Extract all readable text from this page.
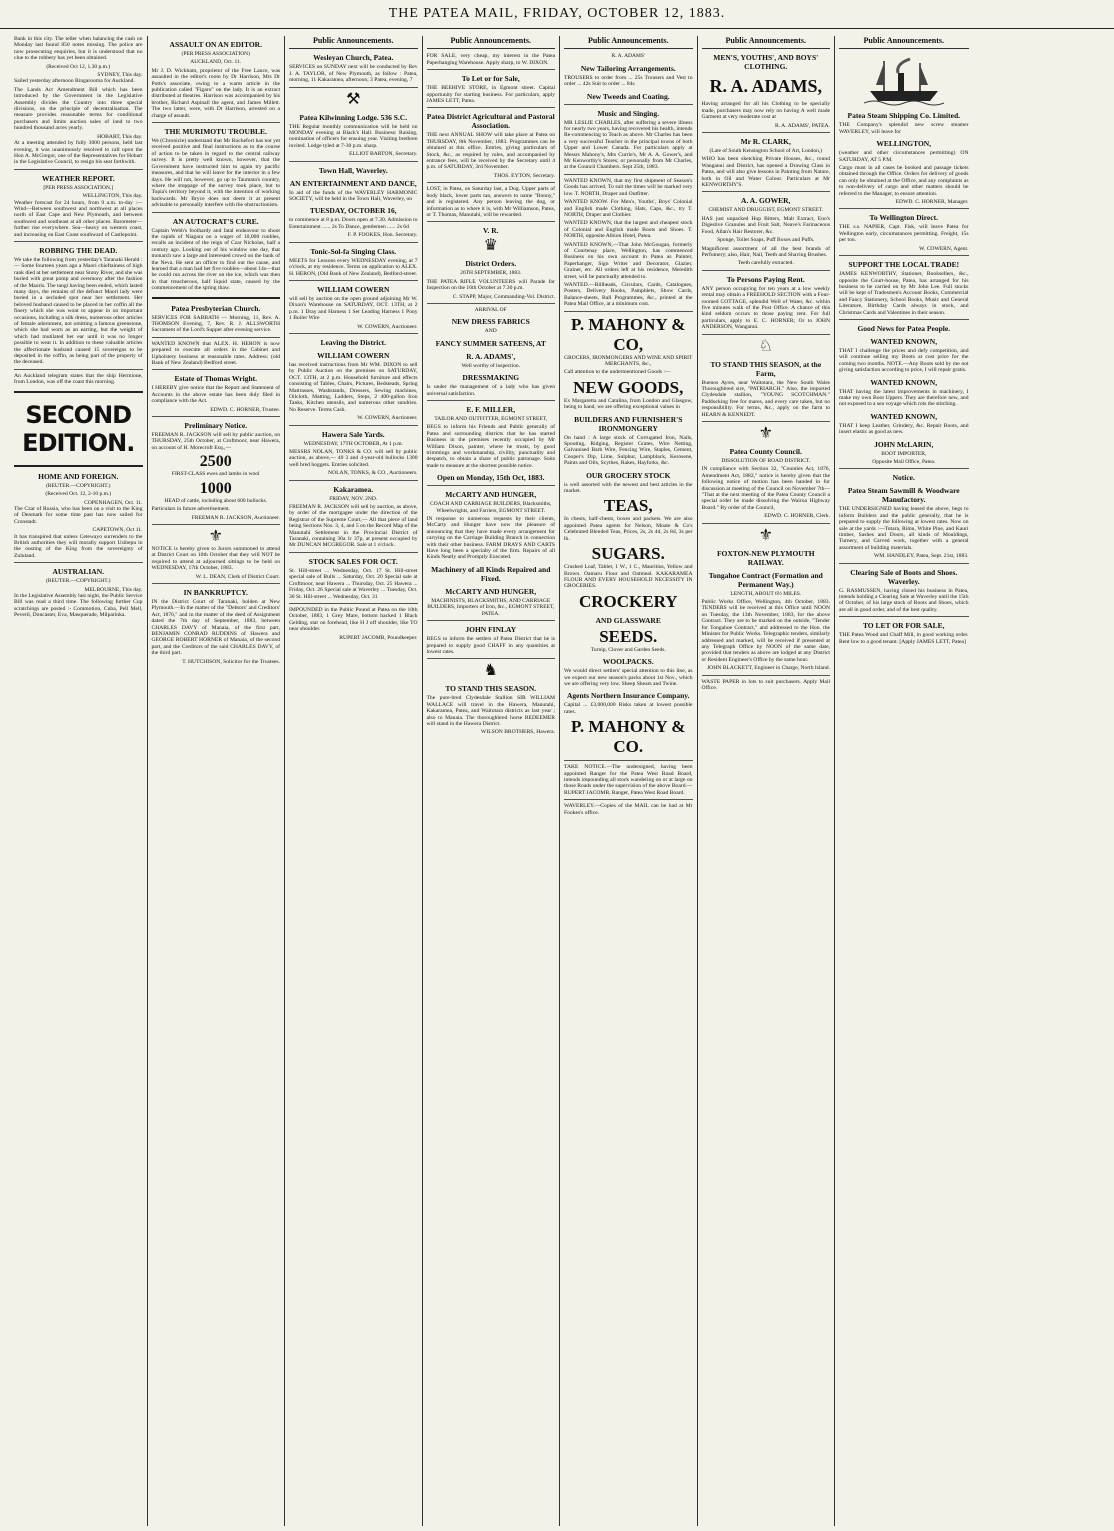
THE PATEA MAIL, FRIDAY, OCTOBER 12, 1883.
Bank in this city. The teller when balancing the cash on Monday last found 850 notes missing. The police are now prosecuting enquiries, but it is understood that no clue to the robbery has yet been obtained.
(Received Oct 12, 1.30 p.m.)
SYDNEY, This day.
Sailed yesterday afternoon Ringarooma for Auckland.
The Lands Act Amendment Bill which has been introduced by the Government in the Legislative Assembly divides the Country into three special divisions, on the principle of decentralisation. The measure provides reasonable terms for conditional purchasers and limits auction sales of land to two hundred thousand acres yearly.
HOBART, This day.
At a meeting attended by fully 3000 persons, held last evening, it was unanimously resolved to call upon the Hon A. McGregor, one of the Representatives for Hobart in the Legislative Council, to resign his seat forthwith.
WEATHER REPORT.
[PER PRESS ASSOCIATION.]
WELLINGTON, This day.
Weather forecast for 24 hours, from 9 a.m. to-day :— Wind—Between southwest and northwest at all places north of East Cape and New Plymouth, and between southwest and southeast at all other places. Barometer—further rise everywhere. Sea—heavy on western coast, and increasing on East Coast southward of Castlepoint.
ROBBING THE DEAD.
We take the following from yesterday's Taranaki Herald :— Some fourteen years ago a Maori chieftainess of high rank died at her settlement near Stony River, and she was buried with great pomp and ceremony after the fashion of the Maoris. The tangi having been ended, which lasted many days, the remains of the defunct Maori lady were buried in a secluded spot near her settlement. Her beloved husband caused to be placed in her coffin all the finery which she was wont to appear in on important occasions, including a silk dress, numerous other articles of female adornment, not omitting a famous greenstone, which she had worn as an earring, but the weight of which had mutilated her ear until it was no longer possible to wear it. In addition to these valuable articles the affectionate husband caused 15 sovereigns to be deposited in the coffin, as being part of the property of the deceased.
An Auckland telegram states that the ship Hermione, from London, was off the coast this morning.
SECOND EDITION.
HOME AND FOREIGN.
(REUTER.—COPYRIGHT.)
(Received Oct. 12, 2-10 p.m.)
COPENHAGEN, Oct. 11.
The Czar of Russia, who has been on a visit to the King of Denmark for some time past has now sailed for Cronstadt.
CAPETOWN, Oct 11.
It has transpired that unless Cetewayo surrenders to the British authorities they will morally support Usibepu in the ousting of the King from the sovereignty of Zululand.
AUSTRALIAN.
(REUTER.—COPYRIGHT.)
MELBOURNE, This day.
In the Legislative Assembly last night, the Public Service Bill was read a third time. The following further Cup scratchings are posted :- Commotion, Cuba, Pell Mell, Peveril, Doncaster, Eva, Masquerade, Milparinka.
ASSAULT ON AN EDITOR.
(PER PRESS ASSOCIATION)
AUCKLAND, Oct. 11.
Mr J. D. Wickham, proprietor of the Free Lance, was assaulted in the editor's room by Dr Harrison, Mrs Dr Potts's associate, owing to a warm article in the publication called "Figaro" on the lady. It is an extract distributed at theatres. Harrison was accompanied by his brother, Richard Aspinall the agent, and James Millett. The two latter, were, with Dr Harrison, arrested on a charge of assault.
THE MURIMOTU TROUBLE.
We (Chronicle) understand that Mr Rochefort has not yet received positive and final instructions as to the course of action to be taken in regard to the central railway survey. It is pretty well known, however, that the Government have instructed him to again try pacific measures, and that he will leave for the interior in a few days. He will not, however, go up to Taumata's country, where the stoppage of the survey took place, but to Topia's territory beyond it, with the intention of working backwards. Mr Bryce does not deem it at present advisable to personally interfere with the obstructionists.
AN AUTOCRAT'S CURE.
Captain Webb's foolhardy and fatal endeavour to shoot the rapids of Niagara on a wager of 10,000 roubles, recalls an incident of the reign of Czar Nicholas, half a century ago. Looking out of his window one day, that monarch saw a large and interested crowd on the bank of the Neva. He sent an officer to find out the cause, and learned that a man had bet five roubles—about 14s—that he could run across the river on the ice, which was then in that treacherous, half liquid state, caused by the commencement of the spring thaw.
Patea Presbyterian Church.
SERVICES FOR SABBATH — Morning, 11, Rev. A. THOMSON Evening, 7, Rev. R. J. ALLSWORTH Sacrament of the Lord's Supper after evening service.
WANTED KNOWN that ALEX. H. HERON is now prepared to execute all orders in the Cabinet and Upholstery business at reasonable rates. Address: (old Bank of New Zealand) Bedford street.
Estate of Thomas Wright.
I HEREBY give notice that the Report and Statement of Accounts in the above estate has been duly filed in compliance with the Act.
EDWD. C. HORNER, Trustee.
Preliminary Notice.
FREEMAN R. JACKSON will sell by public auction, on THURSDAY, 25th October, at Croftmoor, near Hawera, on account of H. Morecroft Esq.,—
2500
FIRST-CLASS ewes and lambs in wool
1000
HEAD of cattle, including about 600 bullocks.
Particulars in future advertisement.
FREEMAN R. JACKSON, Auctioneer.
⚜
NOTICE is hereby given to Jurors summoned to attend at District Court on 10th October that they will NOT be required to attend at adjourned sittings to be held on WEDNESDAY, 17th October, 1883.
W. L. DEAN, Clerk of District Court.
IN BANKRUPTCY.
IN the District Court of Taranaki, holden at New Plymouth.—In the matter of the "Debtors' and Creditors' Act, 1876," and in the matter of the deed of Assignment dated the 7th day of September, 1883, between CHARLES DAVY of Manaia, of the first part, BENJAMIN CONRAD RUDDINS of Hawera and GEORGE ROBERT HORNER of Manaia, of the second part, and the Creditors of the said CHARLES DAVY, of the third part.
T. HUTCHISON, Solicitor for the Trustees.
Public Announcements.
Wesleyan Church, Patea.
SERVICES on SUNDAY next will be conducted by Rev J. A. TAYLOR, of New Plymouth, as follow : Patea, morning, 11 Kakaramea, afternoon, 3 Patea, evening, 7
⚒
Patea Kilwinning Lodge. 536 S.C.
THE Regular monthly communication will be held on MONDAY evening at Black's Hall. Business: Raising, nomination of officers for ensuing year. Visiting brethren invited. Lodge tyled at 7-30 p.m. sharp.
ELLIOT BARTON, Secretary.
Town Hall, Waverley.
AN ENTERTAINMENT AND DANCE,
In aid of the funds of the WAVERLEY HARMONIC SOCIETY, will be held in the Town Hall, Waverley, on
TUESDAY, OCTOBER 16,
to commence at 8 p.m. Doors open at 7.30. Admission to Entertainment ...... 2s To Dance, gentlemen ...... 2s 6d
F. P. FOOKES, Hon. Secretary.
Tonic-Sol-fa Singing Class.
MEETS for Lessons every WEDNESDAY evening, at 7 o'clock, at my residence. Terms on application to ALEX. H. HERON, (Old Bank of New Zealand), Bedford-street.
WILLIAM COWERN
will sell by auction on the open ground adjoining Mr W. Dixon's Warehouse on SATURDAY, OCT. 13TH, at 2 p.m. 1 Dray and Harness 1 Set Leading Harness 1 Pony 1 Boiler Wire
W. COWERN, Auctioneer.
Leaving the District.
WILLIAM COWERN
has received instructions from Mr WM. DIXON to sell by Public Auction on the premises on SATURDAY, OCT. 13TH, at 2 p.m. Household furniture and effects consisting of Tables, Chairs, Pictures, Bedsteads, Spring Mattrasses, Washstands, Dressers, Sewing machines, Oilcloth, Matting, Ladders, Steps, 2 400-gallon Iron Tanks, Kitchen utensils, and numerous other sundries. No Reserve. Terms Cash.
W. COWERN, Auctioneer.
Hawera Sale Yards.
WEDNESDAY, 17TH OCTOBER, At 1 p.m.
MESSRS NOLAN, TONKS & CO. will sell by public auction, as above,— 40 3 and 4-year-old bullocks 1300 well bred hoggets. Entries solicited.
NOLAN, TONKS, & CO., Auctioneers.
Kakaramea.
FRIDAY, NOV. 2ND.
FREEMAN R. JACKSON will sell by auction, as above, by order of the mortgagee under the direction of the Registrar of the Supreme Court,— All that piece of land being Sections Nos. 3, 4, and 5 on the Record Map of the Manutahi Settlement in the Provincial District of Taranaki, containing 30a 1r 37p, at present occupied by Mr DUNCAN MCGREGOR. Sale at 1 o'clock.
STOCK SALES FOR OCT.
St. Hill-street ... Wednesday, Oct. 17 St. Hill-street special sale of Bulls ... Saturday, Oct. 20 Special sale at Croftmoor, near Hawera ... Thursday, Oct. 25 Hawera ... Friday, Oct. 26 Special sale at Waverley ... Tuesday, Oct. 30 St. Hill-street ... Wednesday, Oct. 31
IMPOUNDED in the Public Pound at Patea on the 10th October, 1883, 1 Grey Mare, bottom backed 1 Black Gelding, star on forehead, like H J off shoulder, like TO near shoulder.
RUPERT JACOMB, Poundkeeper.
Public Announcements.
FOR SALE, very cheap, my interest in the Patea Paperhanging Warehouse. Apply sharp, to W. DIXON.
To Let or for Sale,
THE BEEHIVE STORE, in Egmont street. Capital opportunity for starting business. For particulars, apply JAMES LETT, Patea.
Patea District Agricultural and Pastoral Association.
THE next ANNUAL SHOW will take place at Patea on THURSDAY, 8th November, 1883. Programmes can be obtained at this office. Entries, giving particulars of Stock, &c., as required by rules, and accompanied by entrance fees, will be received by the Secretary until 4 p.m. of SATURDAY, 3rd November.
THOS. EYTON, Secretary.
LOST, in Patea, on Saturday last, a Dog. Upper parts of body black, lower parts tan, answers to name "Bonny," and is registered. Any person leaving the dog, or information as to where it is, with Mr Williamson, Patea, or T. Thomas, Manutahi, will be rewarded.
V. R.
♛
District Orders.
26TH SEPTEMBER, 1883.
THE PATEA RIFLE VOLUNTEERS will Parade for Inspection on the 16th October at 7.30 p.m.
C. STAPP, Major, Commanding-Vol. District.
ARRIVAL OF
NEW DRESS FABRICS
AND
FANCY SUMMER SATEENS, AT
R. A. ADAMS',
Well worthy of inspection.
DRESSMAKING
Is under the management of a lady who has given universal satisfaction.
E. F. MILLER,
TAILOR AND OUTFITTER, EGMONT STREET,
BEGS to inform his Friends and Public generally of Patea and surrounding districts that he has started Business in the premises recently occupied by Mr William Dixon, painter, where he trusts, by good trimmings and workmanship, civility, punctuality and despatch, to obtain a share of public patronage. Suits made to measure at the shortest possible notice.
Open on Monday, 15th Oct, 1883.
McCARTY AND HUNGER,
COACH AND CARRIAGE BUILDERS, Blacksmiths, Wheelwrights, and Farriers, EGMONT STREET.
IN response to numerous requests by their clients, McCarty and Hunger have now the pleasure of announcing that they have made every arrangement for carrying on the Carriage Building Branch in connection with their other business. FARM DRAYS AND CARTS Have long been a specialty of the firm. Repairs of all Kinds Neatly and Promptly Executed.
Machinery of all Kinds Repaired and Fixed.
McCARTY AND HUNGER,
MACHINISTS, BLACKSMITHS, AND CARRIAGE BUILDERS, Importers of Iron, &c., EGMONT STREET, PATEA.
JOHN FINLAY
BEGS to inform the settlers of Patea District that he is prepared to supply good CHAFF in any quantities at lowest rates.
♞
TO STAND THIS SEASON.
The pure-bred Clydesdale Stallion SIR WILLIAM WALLACE will travel in the Hawera, Manutahi, Kakaramea, Patea, and Waitotara districts as last year ; also to Manaia. The thoroughbred horse REDEEMER will stand in the Hawera District.
WILSON BROTHERS, Hawera.
Public Announcements.
R. A. ADAMS'
New Tailoring Arrangements.
TROUSERS to order from ... 25s Trousers and Vest to order ... 42s Suit to order ... 84s
New Tweeds and Coating.
Music and Singing.
MR LESLIE CHARLES, after suffering a severe illness for nearly two years, having recovered his health, intends Re-commencing to Teach as above. Mr Charles has been a very successful Teacher in the principal towns of both Upper and Lower Canada. For particulars apply at Messrs Mahony's, Mrs Currie's, Mr A. A. Gower's, and Mr Kenworthy's Stores; or personally from Mr Charles, at the Council Chambers. Sept 25th, 1883.
WANTED KNOWN, that my first shipment of Season's Goods has arrived. To suit the times will be marked very low. T. NORTH, Draper and Outfitter.
WANTED KNOW. For Men's, Youths', Boys' Colonial and English made Clothing, Hats, Caps, &c., try T. NORTH, Draper and Clothier.
WANTED KNOWN, that the largest and cheapest stock of Colonial and English made Boots and Shoes. T. NORTH, opposite Albion Hotel, Patea.
WANTED KNOWN,—That John McGougan, formerly of Courtenay place, Wellington, has commenced Business on his own account in Patea as Painter, Paperhanger, Sign Writer and Decorator, Glazier, Grainer, etc. All orders left at his residence, Meredith street, will be punctually attended to.
WANTED.—Billheads, Circulars, Cards, Catalogues, Posters, Delivery Books, Pamphlets, Show Cards, Balance-sheets, Ball Programmes, &c., printed at the Patea Mail Office, at a minimum cost.
P. MAHONY & CO,
GROCERS, IRONMONGERS AND WINE AND SPIRIT MERCHANTS, &c.,
Call attention to the undermentioned Goods :—
NEW GOODS,
Ex Margaretta and Catalina, from London and Glasgow, being to hand, we are offering exceptional values in
BUILDERS AND FURNISHER'S IRONMONGERY
On hand : A large stock of Corrugated Iron, Nails, Spouting, Ridging, Register Grates, Wire Netting, Galvanised Barb Wire, Fencing Wire, Staples, Cement, Cooper's Dip, Lime, Sulphur, Lampblack, Kerosene, Paints and Oils, Scythes, Rakes, Hayforks, &c.
OUR GROCERY STOCK
is well assorted with the newest and best articles in the market.
TEAS,
In chests, half-chests, boxes and packets. We are also appointed Patea agents for Nelson, Moate & Co's Celebrated Blended Teas, Prices, 2s, 2s 4d, 2s 8d, 3s per lb.
SUGARS.
Crushed Loaf, Tablet, 1 W., 1 C., Mauritius, Yellow and Brown. Oamaru Flour and Oatmeal. KAKARAMEA FLOUR AND EVERY HOUSEHOLD NECESSITY IN GROCERIES.
CROCKERY
AND GLASSWARE
SEEDS.
Turnip, Clover and Garden Seeds.
WOOLPACKS.
We would direct settlers' special attention to this line, as we expect our new season's packs about 1st Nov., which we are offering very low. Sheep Shears and Twine.
Agents Northern Insurance Company.
Capital ... £3,000,000 Risks taken at lowest possible rates.
P. MAHONY & CO.
TAKE NOTICE.—The undersigned, having been appointed Ranger for the Patea West Road Board, intends impounding all stock wandering on or at large on those Roads under the supervision of the above Board.—RUPERT JACOMB, Ranger, Patea West Road Board.
WAVERLEY.—Copies of the MAIL can be had at Mr Fookes's office.
Public Announcements.
MEN'S, YOUTHS', AND BOYS' CLOTHING.
R. A. ADAMS,
Having arranged for all his Clothing to be specially made, purchasers may now rely on having A well made Garment at very moderate cost at
R. A. ADAMS', PATEA.
Mr R. CLARK,
(Late of South Kensington School of Art, London,)
WHO has been sketching Private Houses, &c., round Wanganui and District, has opened a Drawing Class in Patea, and will also give lessons in Painting from Nature, both in Oil and Water Colour. Particulars at Mr KENWORTHY'S.
A. A. GOWER,
CHEMIST AND DRUGGIST, EGMONT STREET.
HAS just unpacked Hop Bitters, Malt Extract, Eno's Digestive Granules and Fruit Salt, Neave's Farinaceous Food, Allan's Hair Restorer, &c.
Sponge, Toilet Soaps, Puff Boxes and Puffs.
Magnificent assortment of all the best brands of Perfumery; also, Hair, Nail, Teeth and Shaving Brushes.
Teeth carefully extracted.
To Persons Paying Rent.
ANY person occupying for ten years at a low weekly rental may obtain a FREEHOLD SECTION with a Four-roomed COTTAGE, splendid Well of Water, &c. within five minutes walk of the Post Office. A chance of this kind seldom occurs to those paying rent. For full particulars, apply to E. C. HORNER; Or to JOHN ANDERSON, Wanganui.
♘
TO STAND THIS SEASON, at the Farm,
Buenos Ayres, near Waitotara, the New South Wales Thoroughbred sire, "PATRIARCH." Also, the imported Clydesdale stallion, "YOUNG SCOTCHMAN." Paddocking free for mares, and every care taken, but no responsibility. For terms, &c., apply on the farm to HEARN & KENNEDT.
⚜
Patea County Council.
DISSOLUTION OF ROAD DISTRICT.
IN compliance with Section 32, "Counties Act, 1876, Amendment Act, 1882," notice is hereby given that the following notice of motion has been handed in for discussion at meeting of the Council on November 7th— "That at the next meeting of the Patea County Council a special order be made dissolving the Wairoa Highway Board." By order of the Council,
EDWD. C. HORNER, Clerk.
⚜
FOXTON-NEW PLYMOUTH RAILWAY.
Tongahoe Contract (Formation and Permanent Way.)
LENGTH, ABOUT 6½ MILES.
Public Works Office, Wellington, 4th October, 1883. TENDERS will be received at this Office until NOON on Tuesday, the 13th November, 1883, for the above Contract. They are to be marked on the outside, "Tender for Tongahoe Contract," and addressed to the Hon. the Minister for Public Works. Telegraphic tenders, similarly addressed and marked, will be received if presented at any Telegraph Office by NOON of the same date, provided that tenders as above are lodged at any District or Resident Engineer's Office by the same hour.
JOHN BLACKETT, Engineer in Charge, North Island.
WASTE PAPER in lots to suit purchasers. Apply Mail Office.
Public Announcements.
Patea Steam Shipping Co. Limited.
THE Company's splendid new screw steamer WAVERLEY, will leave for
WELLINGTON,
(weather and other circumstances permitting) ON SATURDAY, AT 5 P.M.
Cargo must in all cases be booked and passage tickets obtained through the Office. Orders for delivery of goods can only be obtained at the Office, and any complaints as to non-delivery of cargo and other matters should be referred to the Manager, to ensure attention.
EDWD. C. HORNER, Manager.
To Wellington Direct.
THE s.s. NAPIER, Capt. Fisk, will leave Patea for Wellington early, circumstances permitting. Freight, 15s per ton.
W. COWERN, Agent.
SUPPORT THE LOCAL TRADE!
JAMES KENWORTHY, Stationer, Booksellers, &c., opposite the Court-house, Patea, has arranged for his business to be carried on by Mr John Lee. Full stocks will be kept of Tradesmen's Account Books, Commercial and Fancy Stationery, School Books, Music and General Literature, Birthday Cards always in stock, and Christmas Cards and Valentines in their season.
Good News for Patea People.
WANTED KNOWN,
THAT I challenge the prices and defy competition, and will continue selling my Boots at cost price for the coming two months. NOTE.—Any Boots sold by me not giving satisfaction according to price, I will repair gratis.
WANTED KNOWN,
THAT having the latest improvements in machinery, I make my own Boot Uppers. They are therefore new, and not exposed to a sea voyage which rots the stitching.
WANTED KNOWN,
THAT I keep Leather, Grindery, &c. Repair Boots, and insert elastic as good as new.
JOHN McLARIN,
BOOT IMPORTER,
Opposite Mail Office, Patea.
Notice.
Patea Steam Sawmill & Woodware Manufactory.
THE UNDERSIGNED having leased the above, begs to inform Builders and the public generally, that he is prepared to supply the following at lowest rates. Now on sale at the yards :—Totara, Rimu, White Pine, and Kauri timber, Sashes and Doors, all kinds of Mouldings, Turnery, and Carved work, together with a general assortment of building materials.
WM. HANDLEY, Patea, Sept. 21st, 1883.
Clearing Sale of Boots and Shoes. Waverley.
G. RASMUSSEN, having closed his business in Patea, intends holding a Clearing Sale at Waverley until the 15th of October, of his large stock of Boots and Shoes, which are all in good order, and of the best quality.
TO LET OR FOR SALE,
THE Patea Wood and Chaff Mill, in good working order. Rent low to a good tenant. [Apply JAMES LETT, Patea]
